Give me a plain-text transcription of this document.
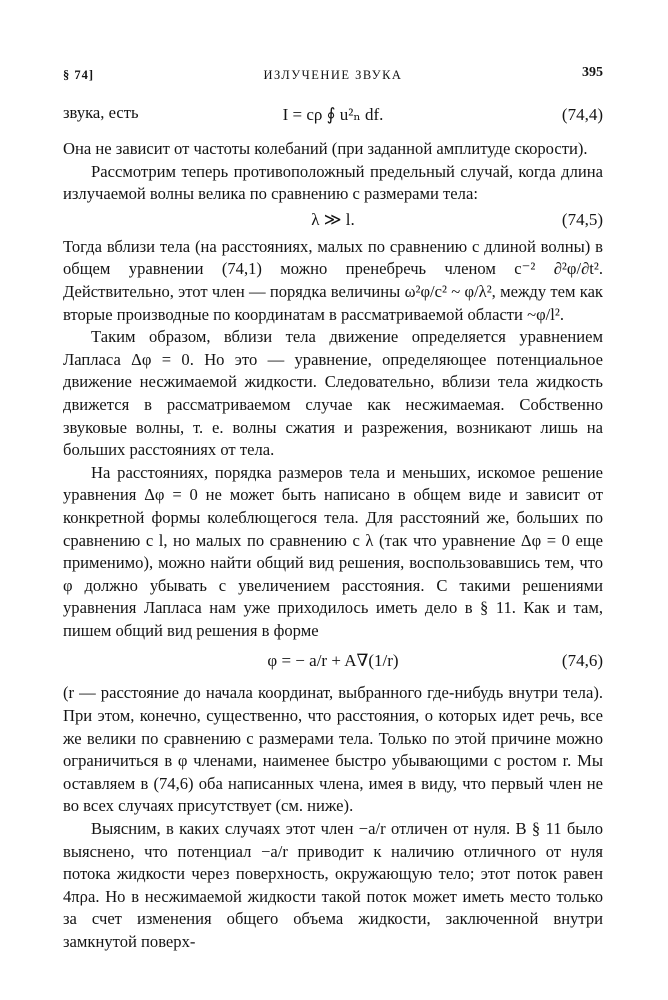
§ 74]	ИЗЛУЧЕНИЕ ЗВУКА	395
звука, есть	I = cρ ∮ u²ₙ df.	(74,4)

Она не зависит от частоты колебаний (при заданной амплитуде скорости).

Рассмотрим теперь противоположный предельный случай, когда длина излучаемой волны велика по сравнению с размерами тела:

λ ≫ l.	(74,5)

Тогда вблизи тела (на расстояниях, малых по сравнению с длиной волны) в общем уравнении (74,1) можно пренебречь членом c⁻² ∂²φ/∂t². Действительно, этот член — порядка величины ω²φ/c² ~ φ/λ², между тем как вторые производные по координатам в рассматриваемой области ~φ/l².

Таким образом, вблизи тела движение определяется уравнением Лапласа Δφ = 0. Но это — уравнение, определяющее потенциальное движение несжимаемой жидкости. Следовательно, вблизи тела жидкость движется в рассматриваемом случае как несжимаемая. Собственно звуковые волны, т. е. волны сжатия и разрежения, возникают лишь на больших расстояниях от тела.

На расстояниях, порядка размеров тела и меньших, искомое решение уравнения Δφ = 0 не может быть написано в общем виде и зависит от конкретной формы колеблющегося тела. Для расстояний же, больших по сравнению с l, но малых по сравнению с λ (так что уравнение Δφ = 0 еще применимо), можно найти общий вид решения, воспользовавшись тем, что φ должно убывать с увеличением расстояния. С такими решениями уравнения Лапласа нам уже приходилось иметь дело в § 11. Как и там, пишем общий вид решения в форме

φ = − a/r + A∇(1/r)	(74,6)

(r — расстояние до начала координат, выбранного где-нибудь внутри тела). При этом, конечно, существенно, что расстояния, о которых идет речь, все же велики по сравнению с размерами тела. Только по этой причине можно ограничиться в φ членами, наименее быстро убывающими с ростом r. Мы оставляем в (74,6) оба написанных члена, имея в виду, что первый член не во всех случаях присутствует (см. ниже).

Выясним, в каких случаях этот член −a/r отличен от нуля. В § 11 было выяснено, что потенциал −a/r приводит к наличию отличного от нуля потока жидкости через поверхность, окружающую тело; этот поток равен 4πρa. Но в несжимаемой жидкости такой поток может иметь место только за счет изменения общего объема жидкости, заключенной внутри замкнутой поверх-
